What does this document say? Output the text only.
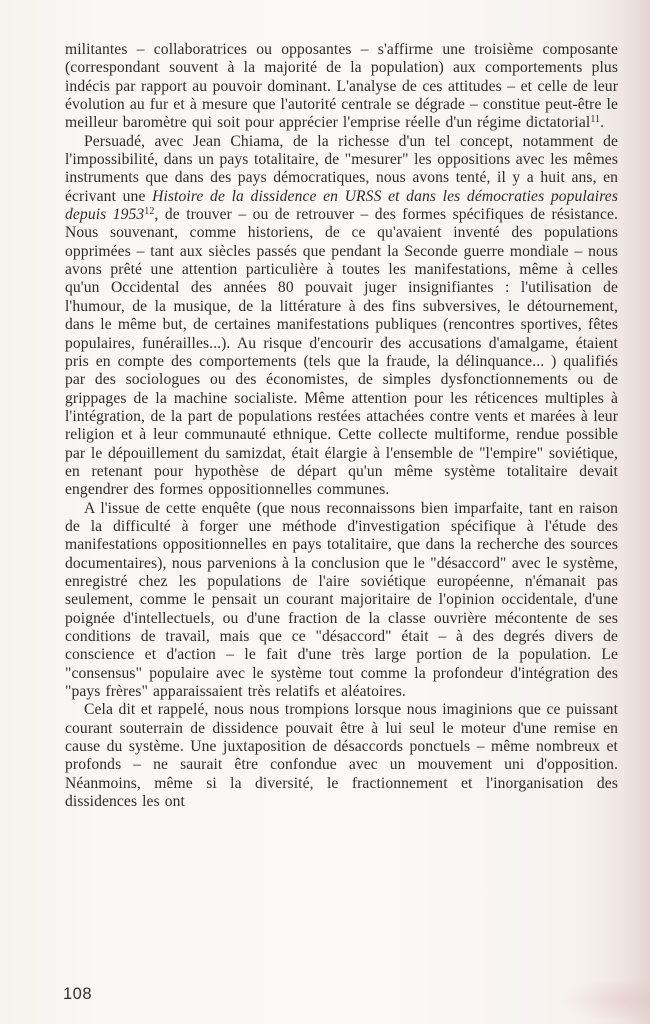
militantes – collaboratrices ou opposantes – s'affirme une troisième composante (correspondant souvent à la majorité de la population) aux comportements plus indécis par rapport au pouvoir dominant. L'analyse de ces attitudes – et celle de leur évolution au fur et à mesure que l'autorité centrale se dégrade – constitue peut-être le meilleur baromètre qui soit pour apprécier l'emprise réelle d'un régime dictatorial$^{11}$.

Persuadé, avec Jean Chiama, de la richesse d'un tel concept, notamment de l'impossibilité, dans un pays totalitaire, de "mesurer" les oppositions avec les mêmes instruments que dans des pays démocratiques, nous avons tenté, il y a huit ans, en écrivant une Histoire de la dissidence en URSS et dans les démocraties populaires depuis 1953$^{12}$, de trouver – ou de retrouver – des formes spécifiques de résistance. Nous souvenant, comme historiens, de ce qu'avaient inventé des populations opprimées – tant aux siècles passés que pendant la Seconde guerre mondiale – nous avons prêté une attention particulière à toutes les manifestations, même à celles qu'un Occidental des années 80 pouvait juger insignifiantes : l'utilisation de l'humour, de la musique, de la littérature à des fins subversives, le détournement, dans le même but, de certaines manifestations publiques (rencontres sportives, fêtes populaires, funérailles...). Au risque d'encourir des accusations d'amalgame, étaient pris en compte des comportements (tels que la fraude, la délinquance... ) qualifiés par des sociologues ou des économistes, de simples dysfonctionnements ou de grippages de la machine socialiste. Même attention pour les réticences multiples à l'intégration, de la part de populations restées attachées contre vents et marées à leur religion et à leur communauté ethnique. Cette collecte multiforme, rendue possible par le dépouillement du samizdat, était élargie à l'ensemble de "l'empire" soviétique, en retenant pour hypothèse de départ qu'un même système totalitaire devait engendrer des formes oppositionnelles communes.

A l'issue de cette enquête (que nous reconnaissons bien imparfaite, tant en raison de la difficulté à forger une méthode d'investigation spécifique à l'étude des manifestations oppositionnelles en pays totalitaire, que dans la recherche des sources documentaires), nous parvenions à la conclusion que le "désaccord" avec le système, enregistré chez les populations de l'aire soviétique européenne, n'émanait pas seulement, comme le pensait un courant majoritaire de l'opinion occidentale, d'une poignée d'intellectuels, ou d'une fraction de la classe ouvrière mécontente de ses conditions de travail, mais que ce "désaccord" était – à des degrés divers de conscience et d'action – le fait d'une très large portion de la population. Le "consensus" populaire avec le système tout comme la profondeur d'intégration des "pays frères" apparaissaient très relatifs et aléatoires.

Cela dit et rappelé, nous nous trompions lorsque nous imaginions que ce puissant courant souterrain de dissidence pouvait être à lui seul le moteur d'une remise en cause du système. Une juxtaposition de désaccords ponctuels – même nombreux et profonds – ne saurait être confondue avec un mouvement uni d'opposition. Néanmoins, même si la diversité, le fractionnement et l'inorganisation des dissidences les ont

108
